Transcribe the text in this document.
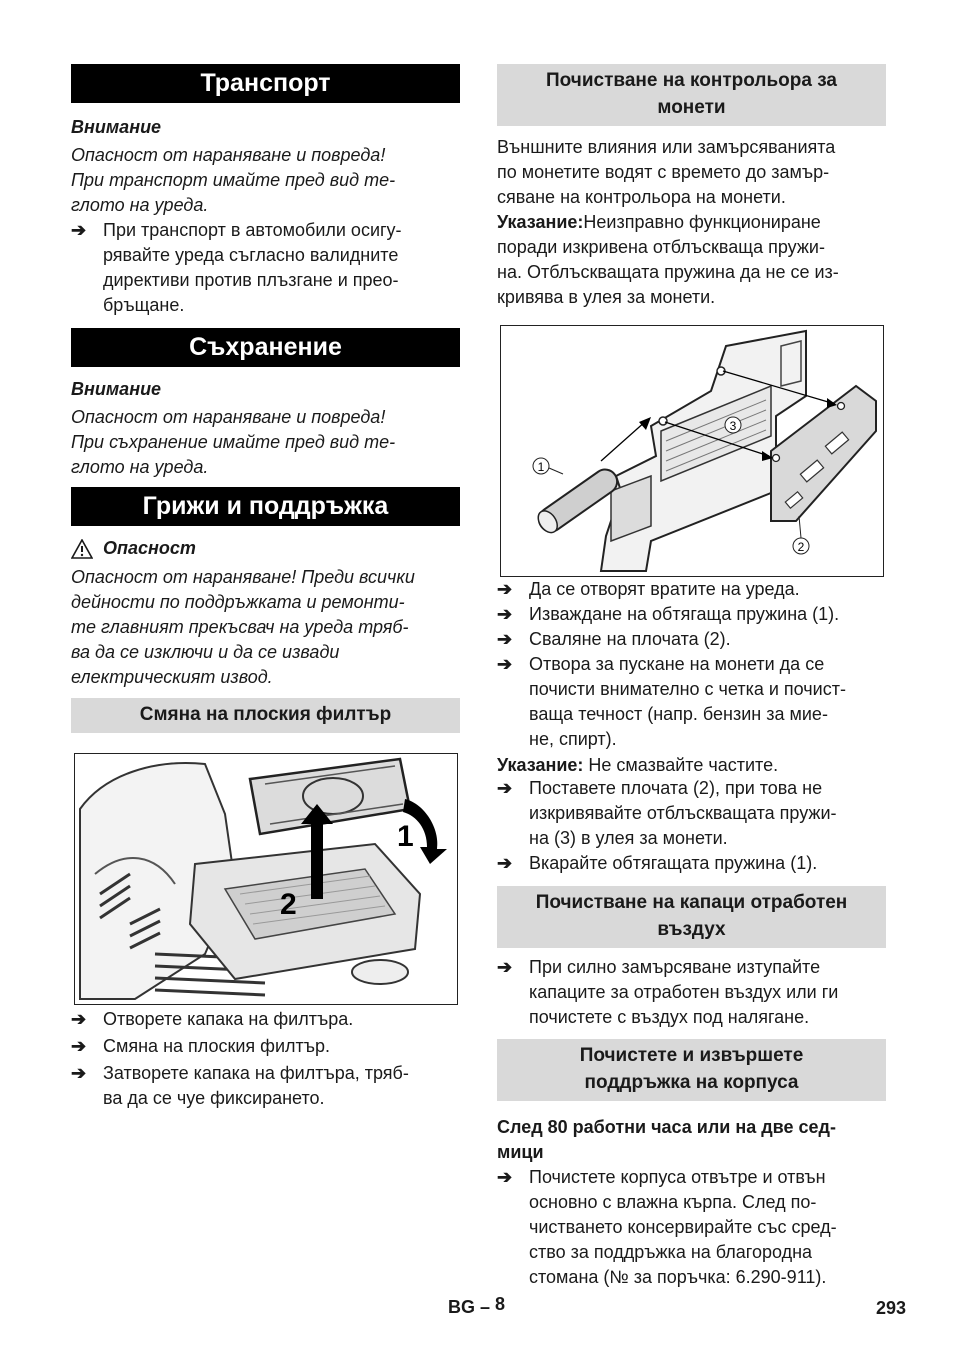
Транспорт
Внимание
Опасност от нараняване и повреда!
При транспорт имайте пред вид те-
глото на уреда.
➔ При транспорт в автомобили осигу-
рявайте уреда съгласно валидните
директиви против плъзгане и прео-
бръщане.
Съхранение
Внимание
Опасност от нараняване и повреда!
При съхранение имайте пред вид те-
глото на уреда.
Грижи и поддръжка
Опасност
Опасност от нараняване! Преди всички
дейности по поддръжката и ремонти-
те главният прекъсвач на уреда тряб-
ва да се изключи и да се извади
електрическият извод.
Смяна на плоския филтър
2
1
➔ Отворете капака на филтъра.
➔ Смяна на плоския филтър.
➔ Затворете капака на филтъра, тряб-
ва да се чуе фиксирането.
Почистване на контрольора за
монети
Външните влияния или замърсяванията
по монетите водят с времето до замър-
сяване на контрольора на монети.
Указание:Неизправно функциониране
поради изкривена отблъскваща пружи-
на. Отблъскващата пружина да не се из-
кривява в улея за монети.
1
2
3
➔ Да се отворят вратите на уреда.
➔ Изваждане на обтягаща пружина (1).
➔ Сваляне на плочата (2).
➔ Отвора за пускане на монети да се
почисти внимателно с четка и почист-
ваща течност (напр. бензин за мие-
не, спирт).
Указание: Не смазвайте частите.
➔ Поставете плочата (2), при това не
изкривявайте отблъскващата пружи-
на (3) в улея за монети.
➔ Вкарайте обтягащата пружина (1).
Почистване на капаци отработен
въздух
➔ При силно замърсяване изтупайте
капаците за отработен въздух или ги
почистете с въздух под налягане.
Почистете и извършете
поддръжка на корпуса
След 80 работни часа или на две сед-
мици
➔ Почистете корпуса отвътре и отвън
основно с влажна кърпа. След по-
чистването консервирайте със сред-
ство за поддръжка на благородна
стомана (№ за поръчка: 6.290-911).
BG – 8	293
